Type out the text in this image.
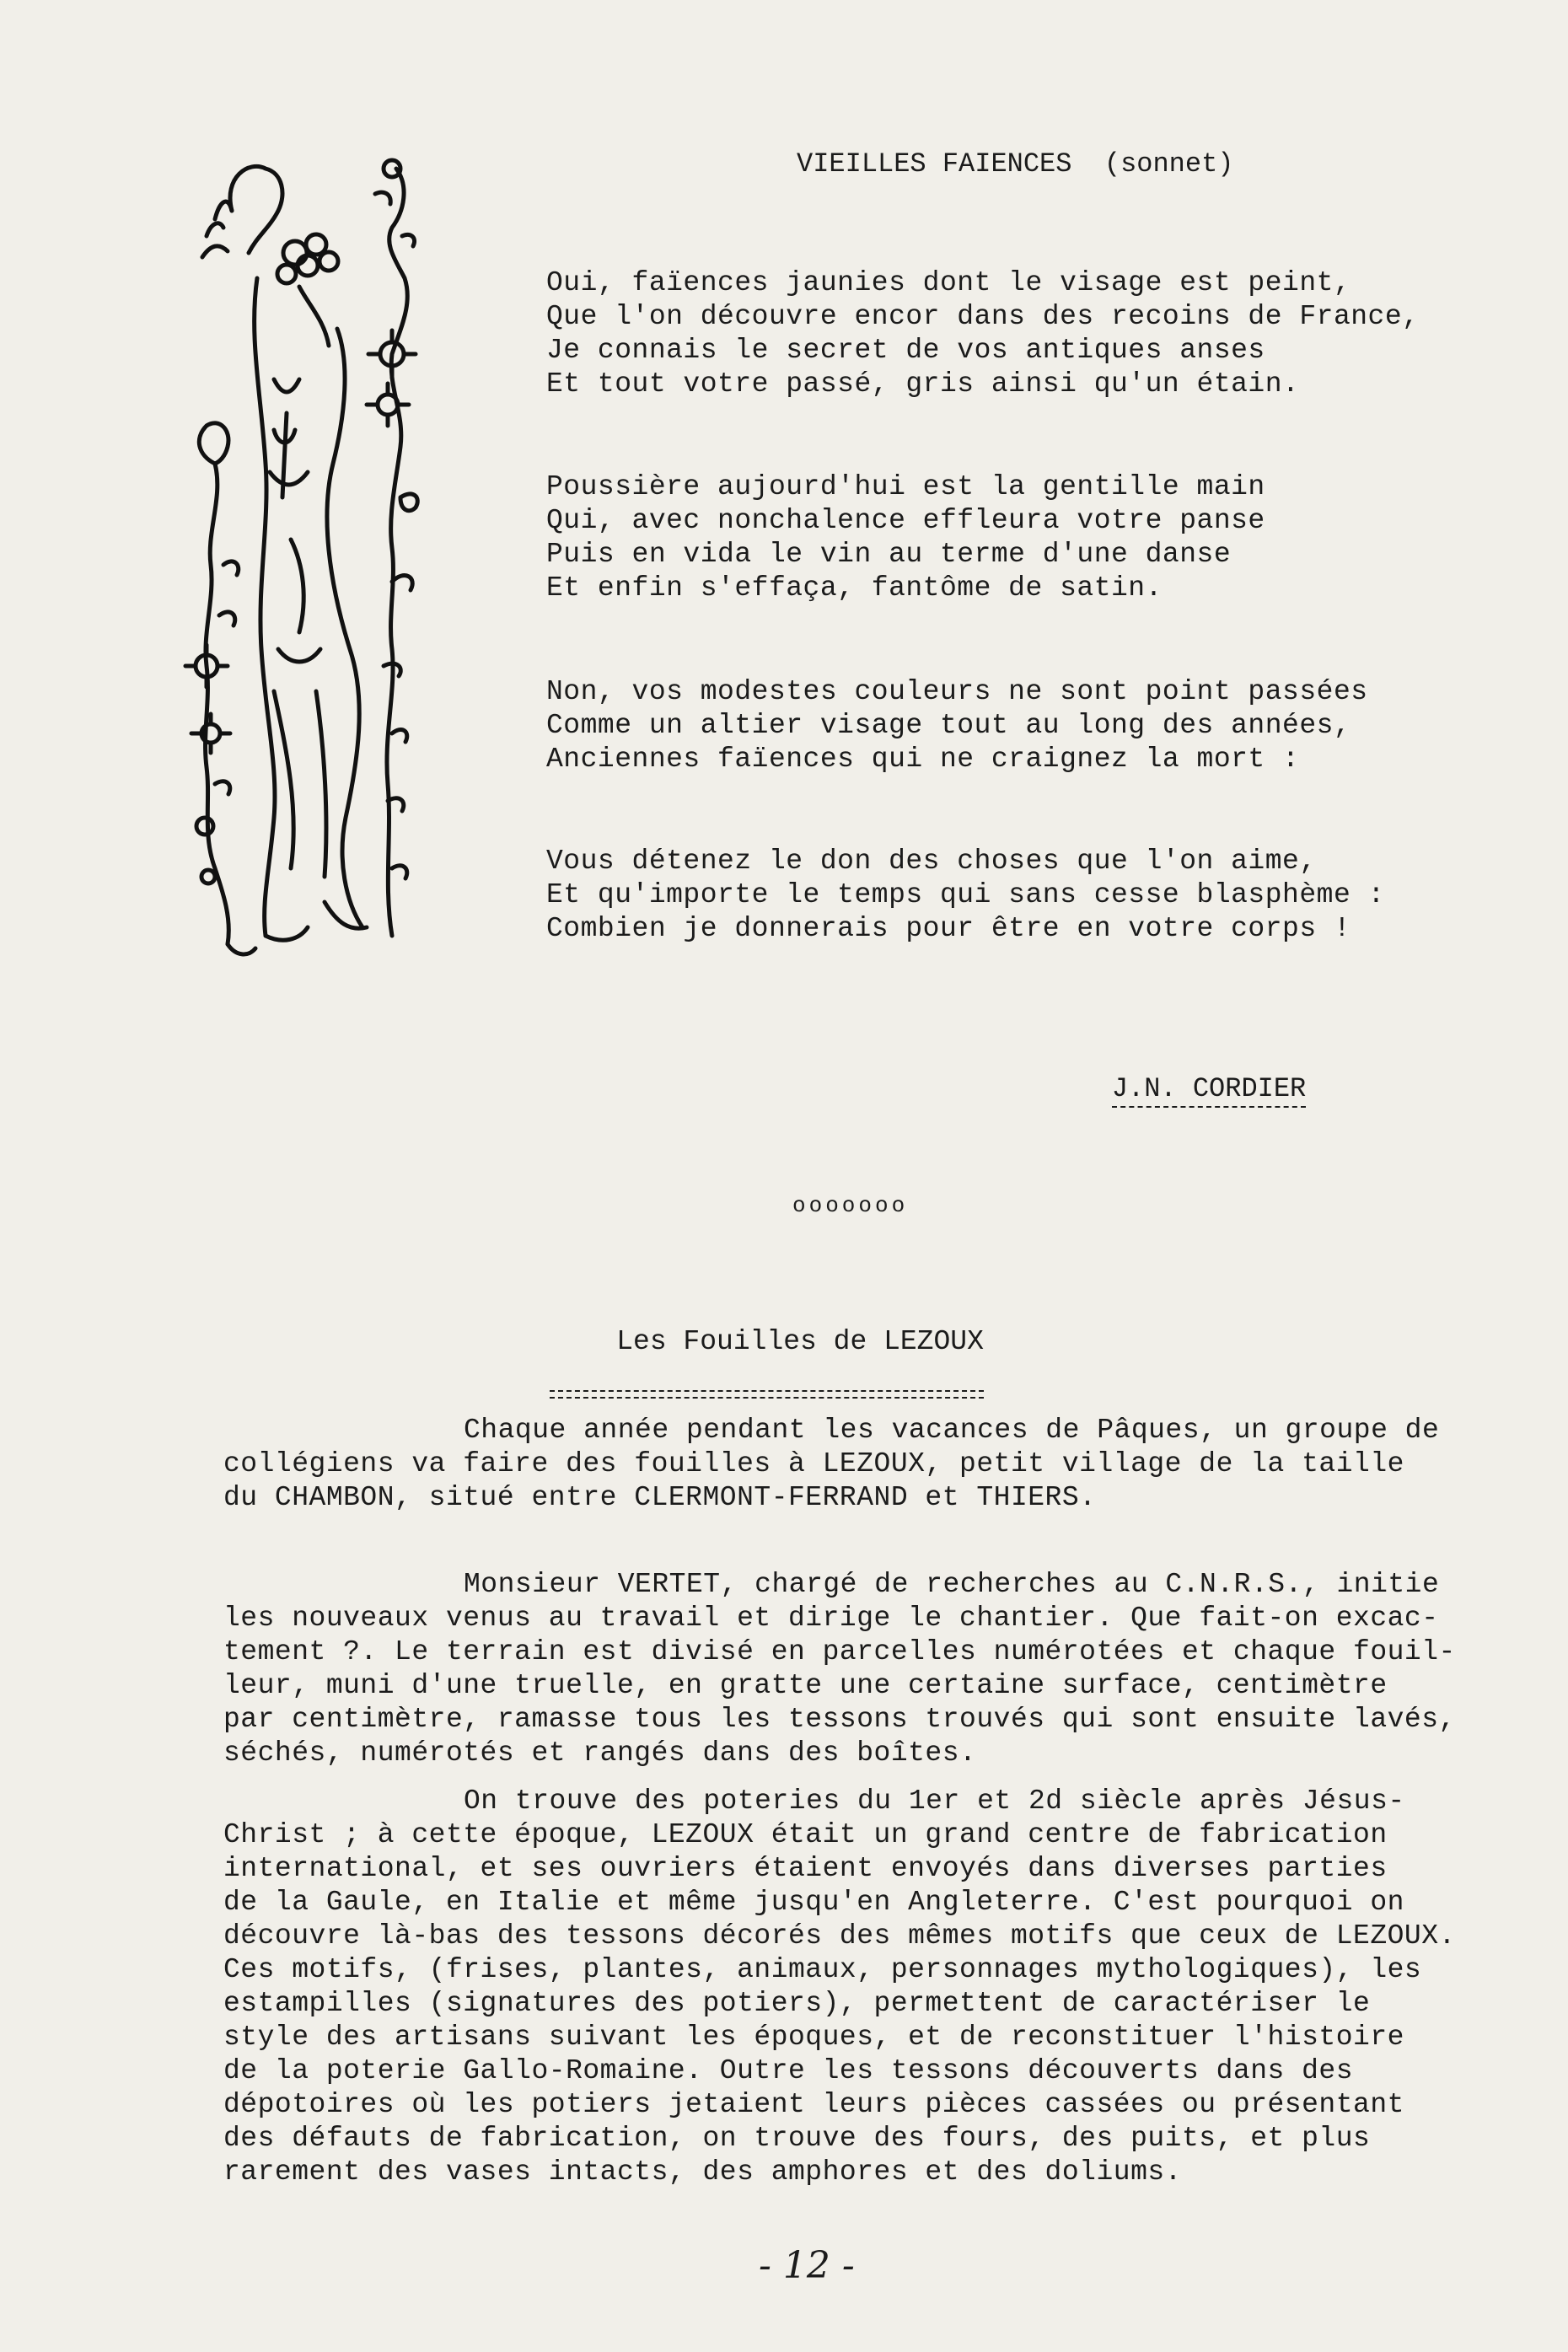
VIEILLES FAIENCES  (sonnet)
Oui, faïences jaunies dont le visage est peint,
Que l'on découvre encor dans des recoins de France,
Je connais le secret de vos antiques anses
Et tout votre passé, gris ainsi qu'un étain.
Poussière aujourd'hui est la gentille main
Qui, avec nonchalence effleura votre panse
Puis en vida le vin au terme d'une danse
Et enfin s'effaça, fantôme de satin.
Non, vos modestes couleurs ne sont point passées
Comme un altier visage tout au long des années,
Anciennes faïences qui ne craignez la mort :
Vous détenez le don des choses que l'on aime,
Et qu'importe le temps qui sans cesse blasphème :
Combien je donnerais pour être en votre corps !

J.N. CORDIER

ooooooo

Les Fouilles de LEZOUX

Chaque année pendant les vacances de Pâques, un groupe de
collégiens va faire des fouilles à LEZOUX, petit village de la taille
du CHAMBON, situé entre CLERMONT-FERRAND et THIERS.
Monsieur VERTET, chargé de recherches au C.N.R.S., initie
les nouveaux venus au travail et dirige le chantier. Que fait-on excac-
tement ?. Le terrain est divisé en parcelles numérotées et chaque fouil-
leur, muni d'une truelle, en gratte une certaine surface, centimètre
par centimètre, ramasse tous les tessons trouvés qui sont ensuite lavés,
séchés, numérotés et rangés dans des boîtes.
On trouve des poteries du 1er et 2d siècle après Jésus-
Christ ; à cette époque, LEZOUX était un grand centre de fabrication
international, et ses ouvriers étaient envoyés dans diverses parties
de la Gaule, en Italie et même jusqu'en Angleterre. C'est pourquoi on
découvre là-bas des tessons décorés des mêmes motifs que ceux de LEZOUX.
Ces motifs, (frises, plantes, animaux, personnages mythologiques), les
estampilles (signatures des potiers), permettent de caractériser le
style des artisans suivant les époques, et de reconstituer l'histoire
de la poterie Gallo-Romaine. Outre les tessons découverts dans des
dépotoires où les potiers jetaient leurs pièces cassées ou présentant
des défauts de fabrication, on trouve des fours, des puits, et plus
rarement des vases intacts, des amphores et des doliums.
- 12 -
